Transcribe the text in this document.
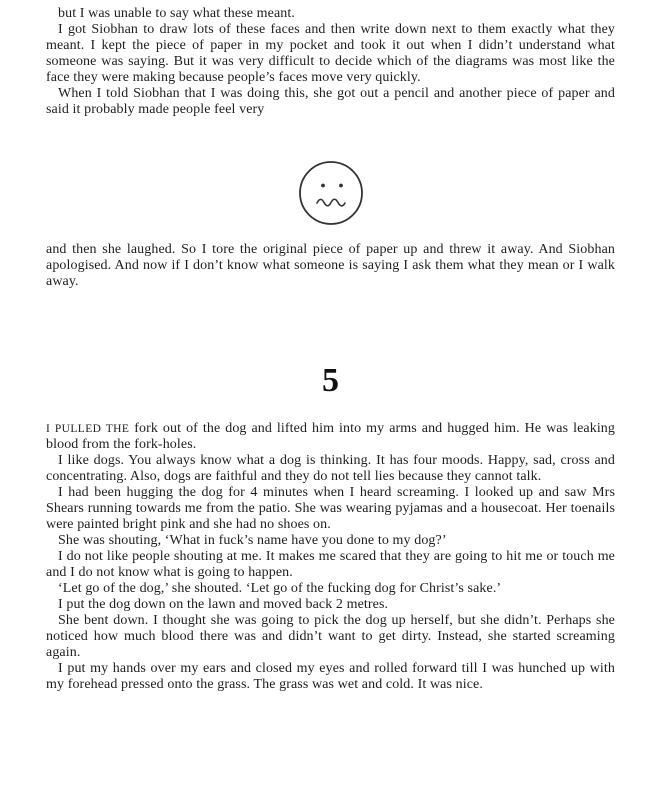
but I was unable to say what these meant.

I got Siobhan to draw lots of these faces and then write down next to them exactly what they meant. I kept the piece of paper in my pocket and took it out when I didn’t understand what someone was saying. But it was very difficult to decide which of the diagrams was most like the face they were making because people’s faces move very quickly.

When I told Siobhan that I was doing this, she got out a pencil and another piece of paper and said it probably made people feel very

and then she laughed. So I tore the original piece of paper up and threw it away. And Siobhan apologised. And now if I don’t know what someone is saying I ask them what they mean or I walk away.

5

I PULLED THE fork out of the dog and lifted him into my arms and hugged him. He was leaking blood from the fork-holes.

I like dogs. You always know what a dog is thinking. It has four moods. Happy, sad, cross and concentrating. Also, dogs are faithful and they do not tell lies because they cannot talk.

I had been hugging the dog for 4 minutes when I heard screaming. I looked up and saw Mrs Shears running towards me from the patio. She was wearing pyjamas and a housecoat. Her toenails were painted bright pink and she had no shoes on.

She was shouting, ‘What in fuck’s name have you done to my dog?’

I do not like people shouting at me. It makes me scared that they are going to hit me or touch me and I do not know what is going to happen.

‘Let go of the dog,’ she shouted. ‘Let go of the fucking dog for Christ’s sake.’

I put the dog down on the lawn and moved back 2 metres.

She bent down. I thought she was going to pick the dog up herself, but she didn’t. Perhaps she noticed how much blood there was and didn’t want to get dirty. Instead, she started screaming again.

I put my hands over my ears and closed my eyes and rolled forward till I was hunched up with my forehead pressed onto the grass. The grass was wet and cold. It was nice.
